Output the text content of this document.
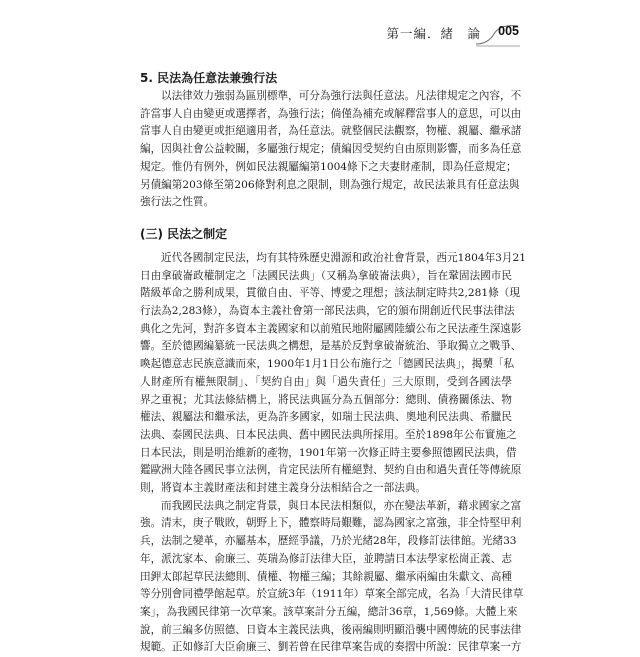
第一編．緒　論	005

5. 民法為任意法兼強行法

以法律效力強弱為區別標準，可分為強行法與任意法。凡法律規定之內容，不

許當事人自由變更或選擇者，為強行法；倘僅為補充或解釋當事人的意思，可以由

當事人自由變更或拒絕適用者，為任意法。就整個民法觀察，物權、親屬、繼承諸

編，因與社會公益較關，多屬強行規定；債編因受契約自由原則影響，而多為任意

規定。惟仍有例外，例如民法親屬編第1004條下之夫妻財產制，即為任意規定；

另債編第203條至第206條對利息之限制，則為強行規定，故民法兼具有任意法與

強行法之性質。

(三) 民法之制定

近代各國制定民法，均有其特殊歷史淵源和政治社會背景，西元1804年3月21

日由拿破崙政權制定之「法國民法典」（又稱為拿破崙法典），旨在鞏固法國市民

階級革命之勝利成果，貫徹自由、平等、博愛之理想；該法制定時共2,281條（現

行法為2,283條），為資本主義社會第一部民法典，它的頒布開創近代民事法律法

典化之先河，對許多資本主義國家和以前殖民地附屬國陸續公布之民法產生深遠影

響。至於德國編纂統一民法典之構想，是基於反對拿破崙統治、爭取獨立之戰爭、

喚起德意志民族意識而來，1900年1月1日公布施行之「德國民法典」，揭櫫「私

人財產所有權無限制」、「契約自由」與「過失責任」三大原則，受到各國法學

界之重視；尤其法條結構上，將民法典區分為五個部分：總則、債務關係法、物

權法、親屬法和繼承法，更為許多國家，如瑞士民法典、奧地利民法典、希臘民

法典、泰國民法典、日本民法典、舊中國民法典所採用。至於1898年公布實施之

日本民法，則是明治維新的產物，1901年第一次修正時主要參照德國民法典，借

鑑歐洲大陸各國民事立法例，肯定民法所有權絕對、契約自由和過失責任等傳統原

則，將資本主義財產法和封建主義身分法相結合之一部法典。

而我國民法典之制定背景，與日本民法相類似，亦在變法革新，藉求國家之富

強。清末，庚子戰敗，朝野上下，體察時局艱難，認為國家之富強，非全恃堅甲利

兵，法制之變革，亦屬基本，歷經爭議，乃於光緒28年，段修訂法律館。光緒33

年，派沈家本、俞廉三、英瑞為修訂法律大臣，並聘請日本法學家松崗正義、志

田鉀太郎起草民法總則、債權、物權三編；其餘親屬、繼承兩編由朱獻文、高種

等分別會同禮學館起草。於宣統3年（1911年）草案全部完成，名為「大清民律草

案」，為我國民律第一次草案。該草案計分五編，總計36章，1,569條。大體上來

說，前三編多仿照德、日資本主義民法典，後兩編則明顯沿襲中國傳統的民事法律

規範。正如修訂大臣俞廉三、劉若曾在民律草案告成的奏摺中所說：民律草案一方
